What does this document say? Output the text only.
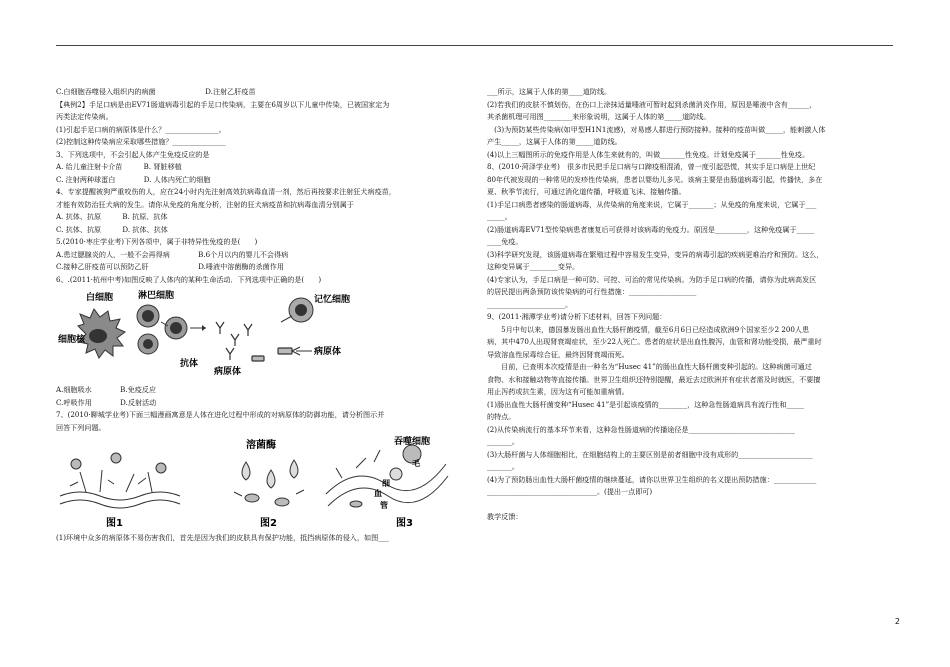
C.白细胞吞噬侵入组织内的病菌　　　　　　　D.注射乙肝疫苗

【典例2】手足口病是由EV71肠道病毒引起的手足口传染病，主要在6周岁以下儿童中传染，已被国家定为

丙类法定传染病。

(1)引起手足口病的病原体是什么？_______________。

(2)控制这种传染病应采取哪些措施？_______________

3、下列选项中，不会引起人体产生免疫反应的是

A. 给儿童注射卡介苗　　　B. 肾脏移植

C. 注射两种球蛋白　　　　D. 人体内死亡的细胞

4、专家提醒被狗严重咬伤的人，应在24小时内先注射高效抗病毒血清一剂，然后再按要求注射狂犬病疫苗，

才能有效防治狂犬病的发生。请你从免疫的角度分析，注射的狂犬病疫苗和抗病毒血清分别属于

A. 抗体、抗原　　　B. 抗原、抗体

C. 抗体、抗原　　　D. 抗体、抗体

5.(2010·枣庄学业考)下列各项中，属于非特异性免疫的是(　　)

A.患过腮腺炎的人，一般不会再得病　　　　B.6个月以内的婴儿不会得病

C.接种乙肝疫苗可以预防乙肝　　　　　　　D.唾液中溶菌酶的杀菌作用

6、.(2011·杭州中考)如图反映了人体内的某种生命活动．下列选项中正确的是(　　)

白细胞	淋巴细胞	记忆细胞
细胞核
抗体
病原体
病原体

A.细胞吸水　　　　B.免疫反应

C.呼吸作用　　　　D.反射活动

7、(2010·聊城学业考)下面三幅漫画寓意是人体在进化过程中形成的对病原体的防御功能，请分析图示并

回答下列问题。

溶菌酶	吞噬细胞
毛
细
血
管
图1	图2	图3

(1)环境中众多的病原体不易伤害我们，首先是因为我们的皮肤具有保护功能，抵挡病原体的侵入，如图___

___所示，这属于人体的第____道防线。

(2)若我们的皮肤不慎划伤，在伤口上涂抹适量唾液可暂时起到杀菌消炎作用，原因是唾液中含有______，

其杀菌机理可用图________来形象说明，这属于人体的第_____道防线。

　(3)为预防某些传染病(如甲型H1N1流感)，对易感人群进行预防接种。接种的疫苗叫做_____，能刺激人体

产生_____，这属于人体的第_____道防线。

(4)以上三幅图所示的免疫作用是人体生来就有的，叫做_______性免疫。计划免疫属于_______性免疫。

8、(2010·菏泽学业考)　很多市民把手足口病与口蹄疫相混淆，曾一度引起恐慌，其实手足口病是上世纪

80年代被发现的一种常见的发疹性传染病，患者以婴幼儿多见。该病主要是由肠道病毒引起，传播快，多在

夏、秋季节流行，可通过消化道传播，呼吸道飞沫、接触传播。

(1)手足口病患者感染的肠道病毒，从传染病的角度来说，它属于_______；从免疫的角度来说，它属于___

_____。

(2)肠道病毒EV71型传染病患者康复后可获得对该病毒的免疫力。原因是_________，这种免疫属于_____

____免疫。

(3)科学研究发现，该肠道病毒在繁殖过程中容易发生变异，变异的病毒引起的疾病更难治疗和预防。这么，

这种变异属于________变异。

(4)专家认为，手足口病是一种可防、可控、可治的常见传染病。为防手足口病的传播，请你为此病高发区

的居民提出两条预防该传染病的可行性措施：___________________

______________________。

9、(2011·湘潭学业考)请分析下述材料，回答下列问题：

　　5月中旬以来，德国暴发肠出血性大肠杆菌疫情，截至6月6日已经造成欧洲9个国家至少2 200人患

病，其中470人出现肾衰竭症状，至少22人死亡。患者的症状是出血性腹泻，血管和肾功能受损，最严重时

导致溶血性尿毒综合征，最终因肾衰竭而死。

　　目前，已查明本次疫情是由一种名为“Husec 41”的肠出血性大肠杆菌变种引起的。这种病菌可通过

食物、水和接触动物等直接传播。世界卫生组织还特别提醒，最近去过欧洲并有症状者需及时就医，不要擅

用止泻药或抗生素，因为这有可能加重病情。

(1)肠出血性大肠杆菌变种“Husec 41”是引起该疫情的________，这种急性肠道病具有流行性和_____

的特点。

(2)从传染病流行的基本环节来看，这种急性肠道病的传播途径是______________________________

_______。

(3)大肠杆菌与人体细胞相比，在细胞结构上的主要区别是前者细胞中没有成形的_____________________

_______。

(4)为了预防肠出血性大肠杆菌疫情的继续蔓延，请你以世界卫生组织的名义提出预防措施：____________

_______________________________。(提出一点即可)

教学反馈：

2
